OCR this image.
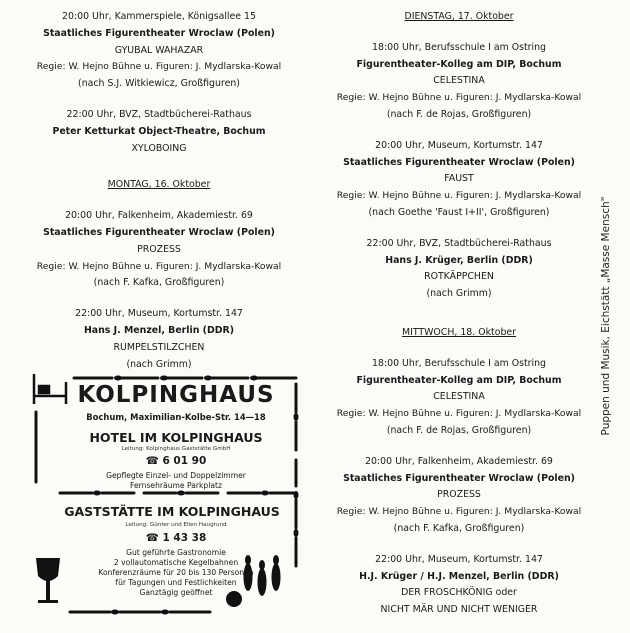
20:00 Uhr, Kammerspiele, Königsallee 15
Staatliches Figurentheater Wroclaw (Polen)
GYUBAL WAHAZAR
Regie: W. Hejno Bühne u. Figuren: J. Mydlarska-Kowal
(nach S.J. Witkiewicz, Großfiguren)
22:00 Uhr, BVZ, Stadtbücherei-Rathaus
Peter Ketturkat Object-Theatre, Bochum
XYLOBOING
MONTAG, 16. Oktober
20:00 Uhr, Falkenheim, Akademiestr. 69
Staatliches Figurentheater Wroclaw (Polen)
PROZESS
Regie: W. Hejno Bühne u. Figuren: J. Mydlarska-Kowal
(nach F. Kafka, Großfiguren)
22:00 Uhr, Museum, Kortumstr. 147
Hans J. Menzel, Berlin (DDR)
RUMPELSTILZCHEN
(nach Grimm)
DIENSTAG, 17. Oktober
18:00 Uhr, Berufsschule I am Ostring
Figurentheater-Kolleg am DIP, Bochum
CELESTINA
Regie: W. Hejno Bühne u. Figuren: J. Mydlarska-Kowal
(nach F. de Rojas, Großfiguren)
20:00 Uhr, Museum, Kortumstr. 147
Staatliches Figurentheater Wroclaw (Polen)
FAUST
Regie: W. Hejno Bühne u. Figuren: J. Mydlarska-Kowal
(nach Goethe 'Faust I+II', Großfiguren)
22:00 Uhr, BVZ, Stadtbücherei-Rathaus
Hans J. Krüger, Berlin (DDR)
ROTKÄPPCHEN
(nach Grimm)
MITTWOCH, 18. Oktober
18:00 Uhr, Berufsschule I am Ostring
Figurentheater-Kolleg am DIP, Bochum
CELESTINA
Regie: W. Hejno Bühne u. Figuren: J. Mydlarska-Kowal
(nach F. de Rojas, Großfiguren)
20:00 Uhr, Falkenheim, Akademiestr. 69
Staatliches Figurentheater Wroclaw (Polen)
PROZESS
Regie: W. Hejno Bühne u. Figuren: J. Mydlarska-Kowal
(nach F. Kafka, Großfiguren)
22:00 Uhr, Museum, Kortumstr. 147
H.J. Krüger / H.J. Menzel, Berlin (DDR)
DER FROSCHKÖNIG oder
NICHT MÄR UND NICHT WENIGER
Puppen und Musik, Eichstätt „Masse Mensch"
KOLPINGHAUS
Bochum, Maximilian-Kolbe-Str. 14—18
HOTEL IM KOLPINGHAUS
Leitung: Kolpinghaus Gaststätte GmbH
☎ 6 01 90
Gepflegte Einzel- und Doppelzimmer
Fernsehräume Parkplatz
GASTSTÄTTE IM KOLPINGHAUS
Leitung: Günter und Ellen Haugrund
☎ 1 43 38
Gut geführte Gastronomie
2 vollautomatische Kegelbahnen
Konferenzräume für 20 bis 130 Personen
für Tagungen und Festlichkeiten
Ganztägig geöffnet
